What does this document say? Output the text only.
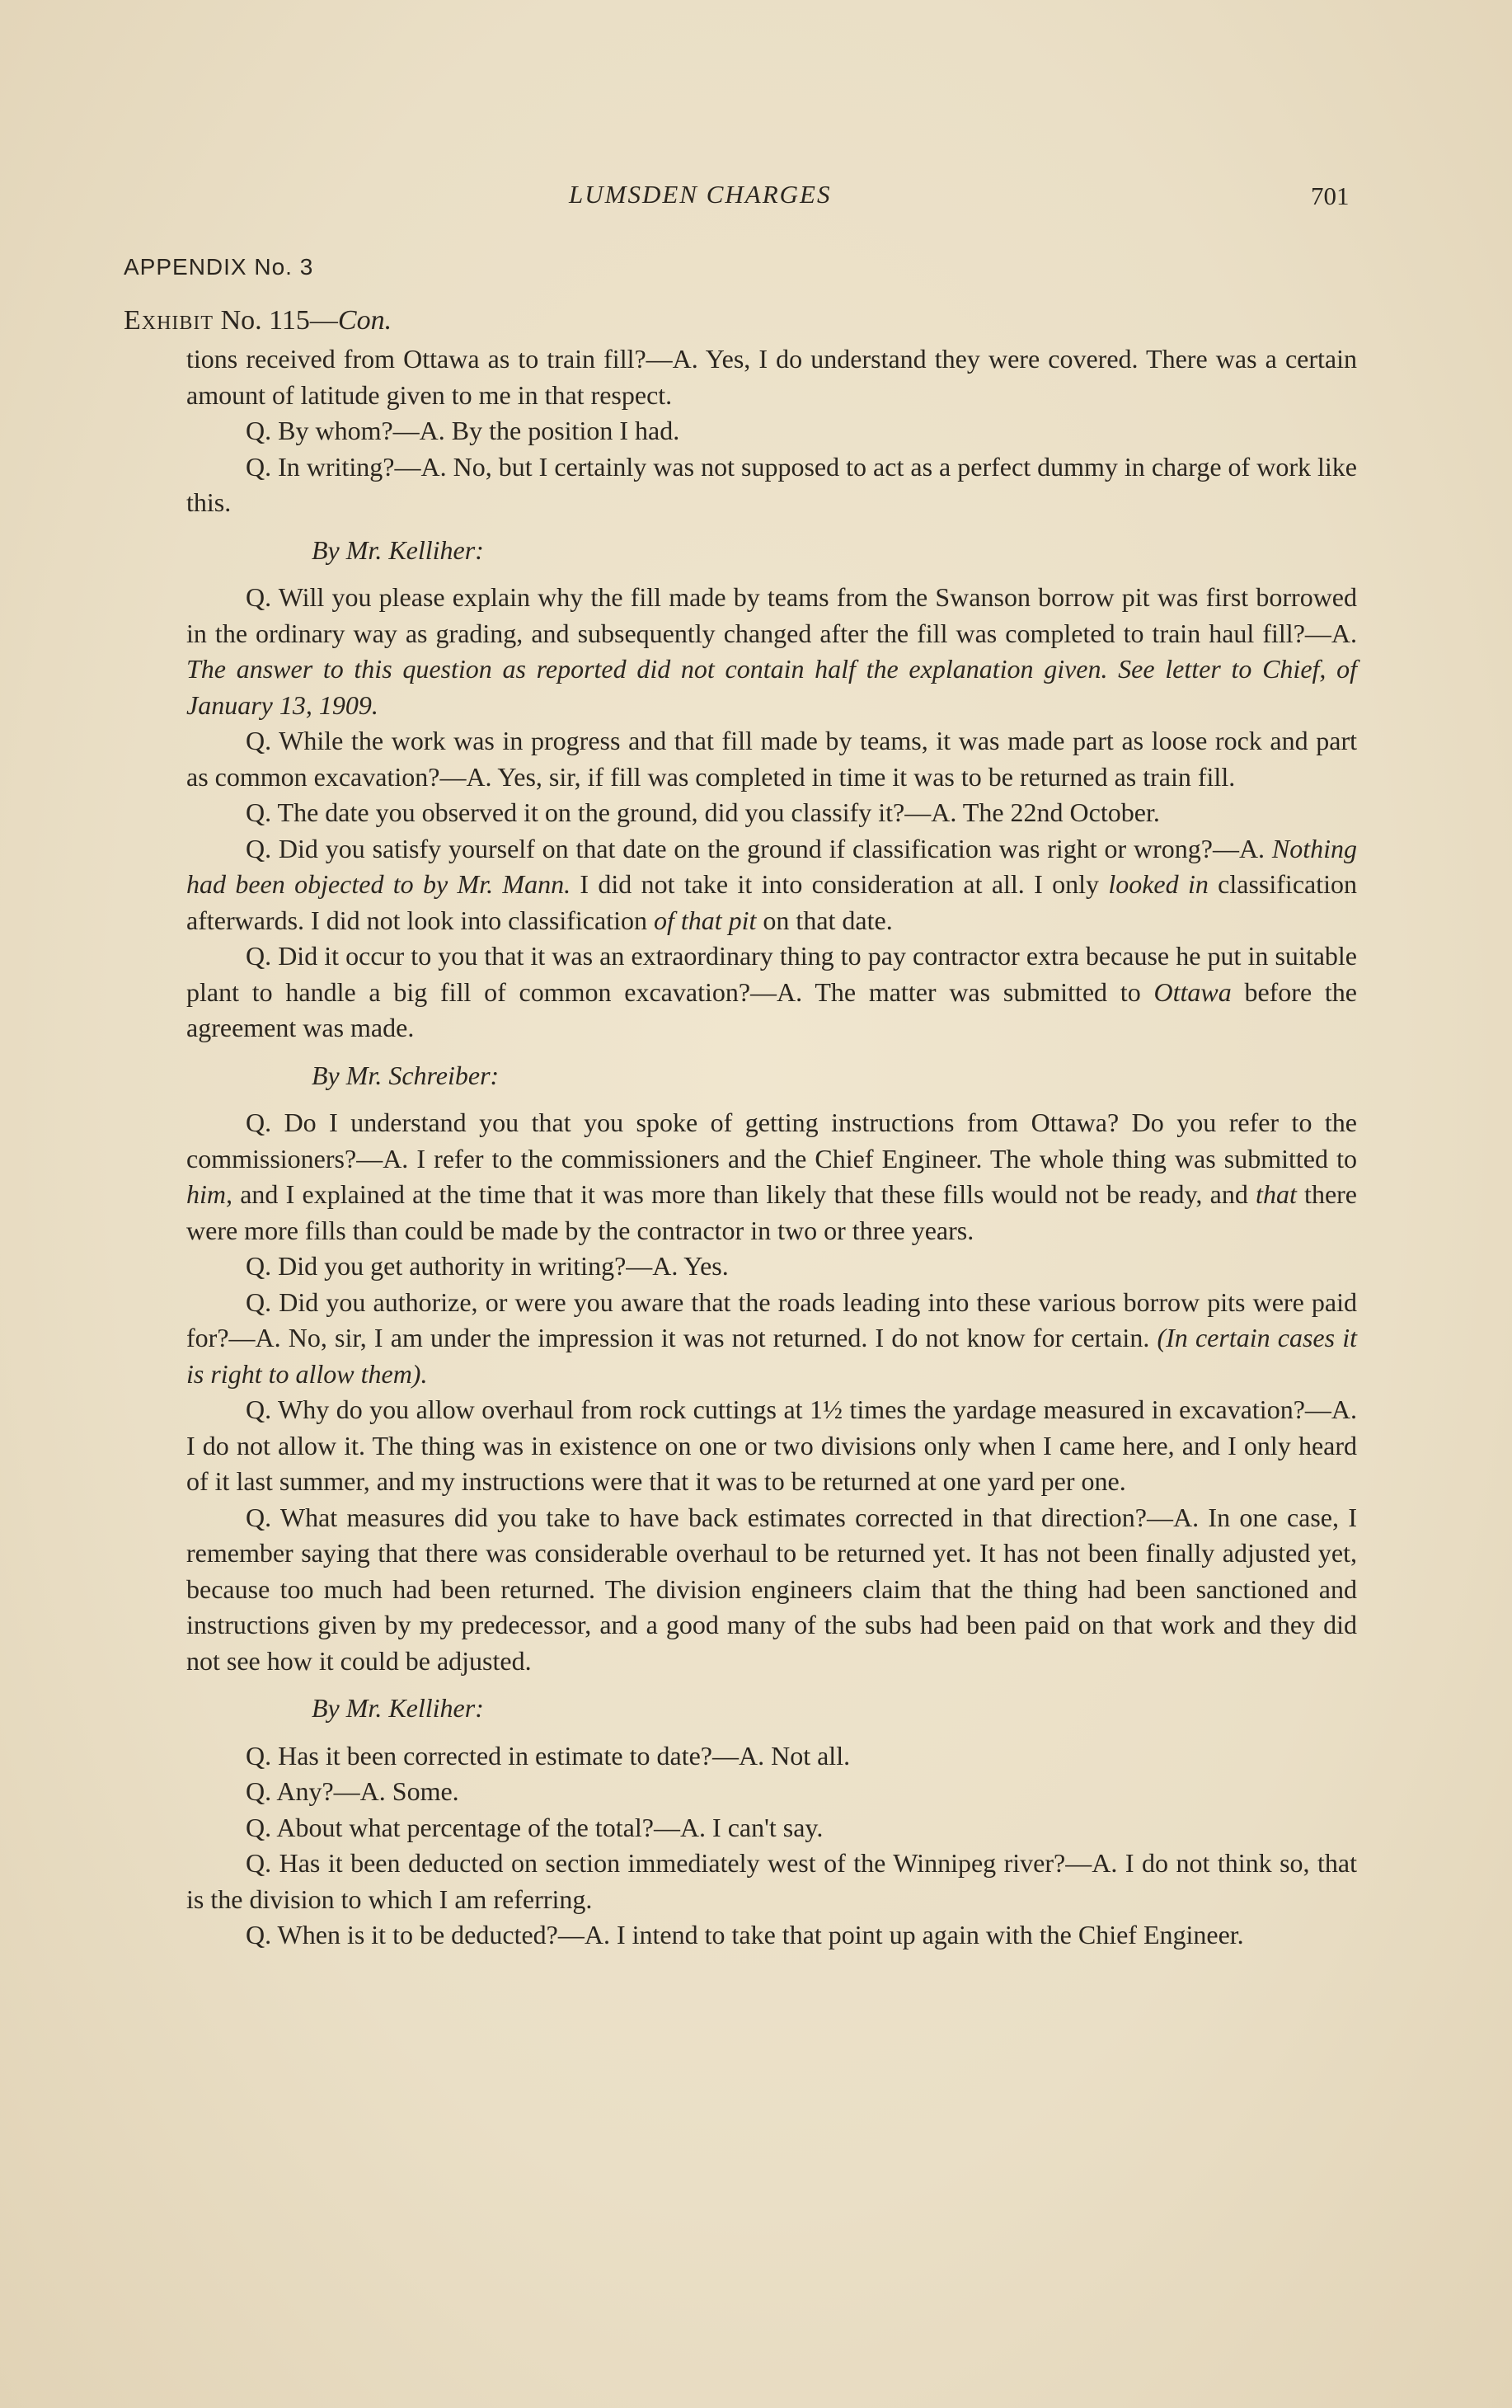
LUMSDEN CHARGES	701
APPENDIX No. 3
Exhibit No. 115—Con.

tions received from Ottawa as to train fill?—A. Yes, I do understand they were covered. There was a certain amount of latitude given to me in that respect.

Q. By whom?—A. By the position I had.

Q. In writing?—A. No, but I certainly was not supposed to act as a perfect dummy in charge of work like this.

By Mr. Kelliher:

Q. Will you please explain why the fill made by teams from the Swanson borrow pit was first borrowed in the ordinary way as grading, and subsequently changed after the fill was completed to train haul fill?—A. The answer to this question as reported did not contain half the explanation given. See letter to Chief, of January 13, 1909.

Q. While the work was in progress and that fill made by teams, it was made part as loose rock and part as common excavation?—A. Yes, sir, if fill was completed in time it was to be returned as train fill.

Q. The date you observed it on the ground, did you classify it?—A. The 22nd October.

Q. Did you satisfy yourself on that date on the ground if classification was right or wrong?—A. Nothing had been objected to by Mr. Mann. I did not take it into consideration at all. I only looked in classification afterwards. I did not look into classification of that pit on that date.

Q. Did it occur to you that it was an extraordinary thing to pay contractor extra because he put in suitable plant to handle a big fill of common excavation?—A. The matter was submitted to Ottawa before the agreement was made.

By Mr. Schreiber:

Q. Do I understand you that you spoke of getting instructions from Ottawa? Do you refer to the commissioners?—A. I refer to the commissioners and the Chief Engineer. The whole thing was submitted to him, and I explained at the time that it was more than likely that these fills would not be ready, and that there were more fills than could be made by the contractor in two or three years.

Q. Did you get authority in writing?—A. Yes.

Q. Did you authorize, or were you aware that the roads leading into these various borrow pits were paid for?—A. No, sir, I am under the impression it was not returned. I do not know for certain. (In certain cases it is right to allow them).

Q. Why do you allow overhaul from rock cuttings at 1½ times the yardage measured in excavation?—A. I do not allow it. The thing was in existence on one or two divisions only when I came here, and I only heard of it last summer, and my instructions were that it was to be returned at one yard per one.

Q. What measures did you take to have back estimates corrected in that direction?—A. In one case, I remember saying that there was considerable overhaul to be returned yet. It has not been finally adjusted yet, because too much had been returned. The division engineers claim that the thing had been sanctioned and instructions given by my predecessor, and a good many of the subs had been paid on that work and they did not see how it could be adjusted.

By Mr. Kelliher:

Q. Has it been corrected in estimate to date?—A. Not all.

Q. Any?—A. Some.

Q. About what percentage of the total?—A. I can't say.

Q. Has it been deducted on section immediately west of the Winnipeg river?—A. I do not think so, that is the division to which I am referring.

Q. When is it to be deducted?—A. I intend to take that point up again with the Chief Engineer.
